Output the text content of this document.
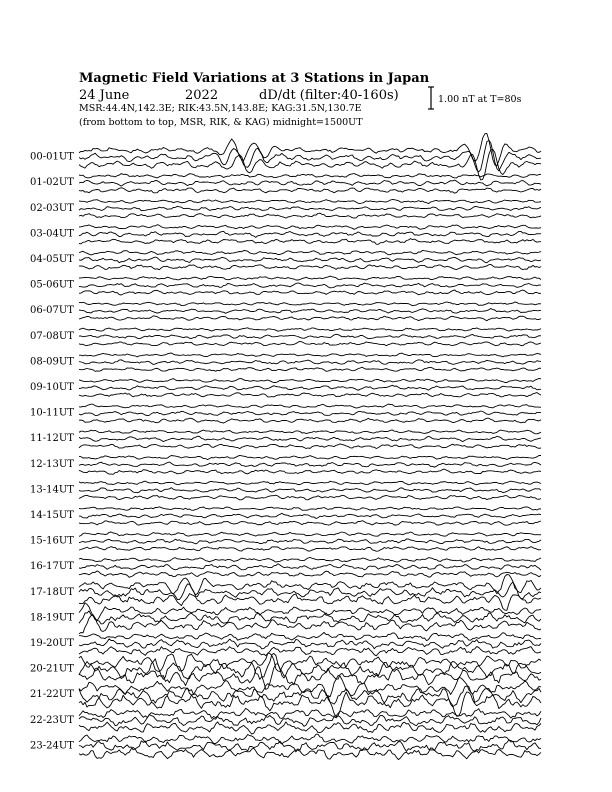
Magnetic Field Variations at 3 Stations in Japan
24 June	2022	dD/dt (filter:40-160s)
MSR:44.4N,142.3E; RIK:43.5N,143.8E; KAG:31.5N,130.7E
(from bottom to top, MSR, RIK, & KAG) midnight=1500UT
1.00 nT at T=80s
00-01UT
01-02UT
02-03UT
03-04UT
04-05UT
05-06UT
06-07UT
07-08UT
08-09UT
09-10UT
10-11UT
11-12UT
12-13UT
13-14UT
14-15UT
15-16UT
16-17UT
17-18UT
18-19UT
19-20UT
20-21UT
21-22UT
22-23UT
23-24UT
